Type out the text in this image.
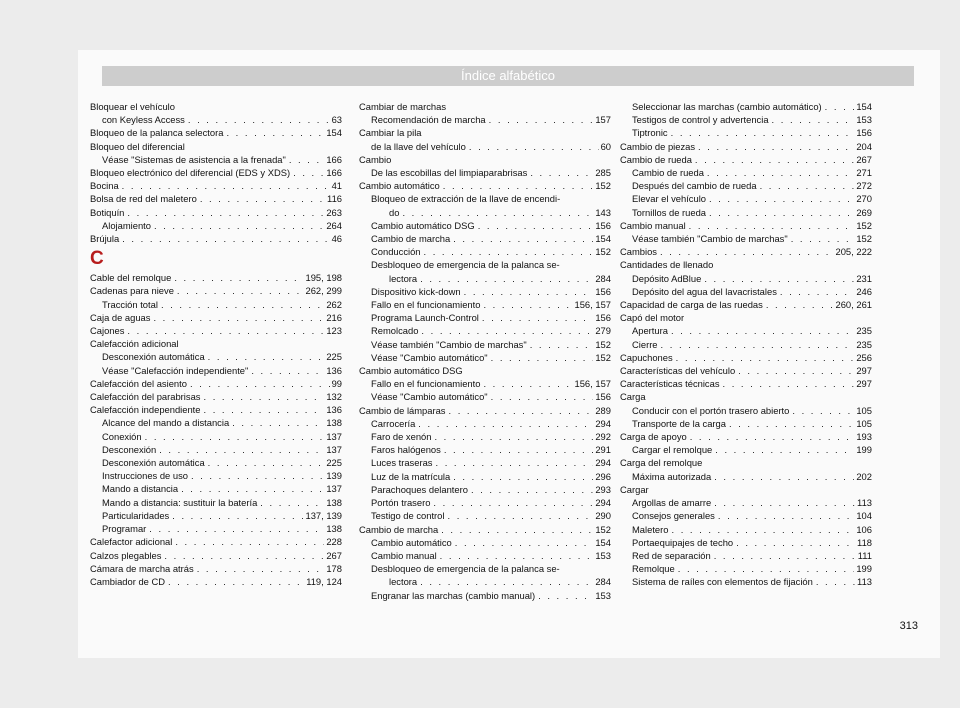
Índice alfabético
Bloquear el vehículo
con Keyless Access . . .	63
Bloqueo de la palanca selectora . . .	154
Bloqueo del diferencial
Véase "Sistemas de asistencia a la frenada" . . .	166
Bloqueo electrónico del diferencial (EDS y XDS) . . .	166
Bocina . . .	41
Bolsa de red del maletero . . .	116
Botiquín . . .	263
Alojamiento . . .	264
Brújula . . .	46
C
Cable del remolque . . .	195, 198
Cadenas para nieve . . .	262, 299
Tracción total . . .	262
Caja de aguas . . .	216
Cajones . . .	123
Calefacción adicional
Desconexión automática . . .	225
Véase "Calefacción independiente" . . .	136
Calefacción del asiento . . .	99
Calefacción del parabrisas . . .	132
Calefacción independiente . . .	136
Alcance del mando a distancia . . .	138
Conexión . . .	137
Desconexión . . .	137
Desconexión automática . . .	225
Instrucciones de uso . . .	139
Mando a distancia . . .	137
Mando a distancia: sustituir la batería . . .	138
Particularidades . . .	137, 139
Programar . . .	138
Calefactor adicional . . .	228
Calzos plegables . . .	267
Cámara de marcha atrás . . .	178
Cambiador de CD . . .	119, 124
Cambiar de marchas
Recomendación de marcha . . .	157
Cambiar la pila
de la llave del vehículo . . .	60
Cambio
De las escobillas del limpiaparabrisas . . .	285
Cambio automático . . .	152
Bloqueo de extracción de la llave de encendi-
do . . .	143
Cambio automático DSG . . .	156
Cambio de marcha . . .	154
Conducción . . .	152
Desbloqueo de emergencia de la palanca se-
lectora . . .	284
Dispositivo kick-down . . .	156
Fallo en el funcionamiento . . .	156, 157
Programa Launch-Control . . .	156
Remolcado . . .	279
Véase también "Cambio de marchas" . . .	152
Véase "Cambio automático" . . .	152
Cambio automático DSG
Fallo en el funcionamiento . . .	156, 157
Véase "Cambio automático" . . .	156
Cambio de lámparas . . .	289
Carrocería . . .	294
Faro de xenón . . .	292
Faros halógenos . . .	291
Luces traseras . . .	294
Luz de la matrícula . . .	296
Parachoques delantero . . .	293
Portón trasero . . .	294
Testigo de control . . .	290
Cambio de marcha . . .	152
Cambio automático . . .	154
Cambio manual . . .	153
Desbloqueo de emergencia de la palanca se-
lectora . . .	284
Engranar las marchas (cambio manual) . . .	153
Seleccionar las marchas (cambio automático) . . .	154
Testigos de control y advertencia . . .	153
Tiptronic . . .	156
Cambio de piezas . . .	204
Cambio de rueda . . .	267
Cambio de rueda . . .	271
Después del cambio de rueda . . .	272
Elevar el vehículo . . .	270
Tornillos de rueda . . .	269
Cambio manual . . .	152
Véase también "Cambio de marchas" . . .	152
Cambios . . .	205, 222
Cantidades de llenado
Depósito AdBlue . . .	231
Depósito del agua del lavacristales . . .	246
Capacidad de carga de las ruedas . . .	260, 261
Capó del motor
Apertura . . .	235
Cierre . . .	235
Capuchones . . .	256
Características del vehículo . . .	297
Características técnicas . . .	297
Carga
Conducir con el portón trasero abierto . . .	105
Transporte de la carga . . .	105
Carga de apoyo . . .	193
Cargar el remolque . . .	199
Carga del remolque
Máxima autorizada . . .	202
Cargar
Argollas de amarre . . .	113
Consejos generales . . .	104
Maletero . . .	106
Portaequipajes de techo . . .	118
Red de separación . . .	111
Remolque . . .	199
Sistema de raíles con elementos de fijación . . .	113
313
